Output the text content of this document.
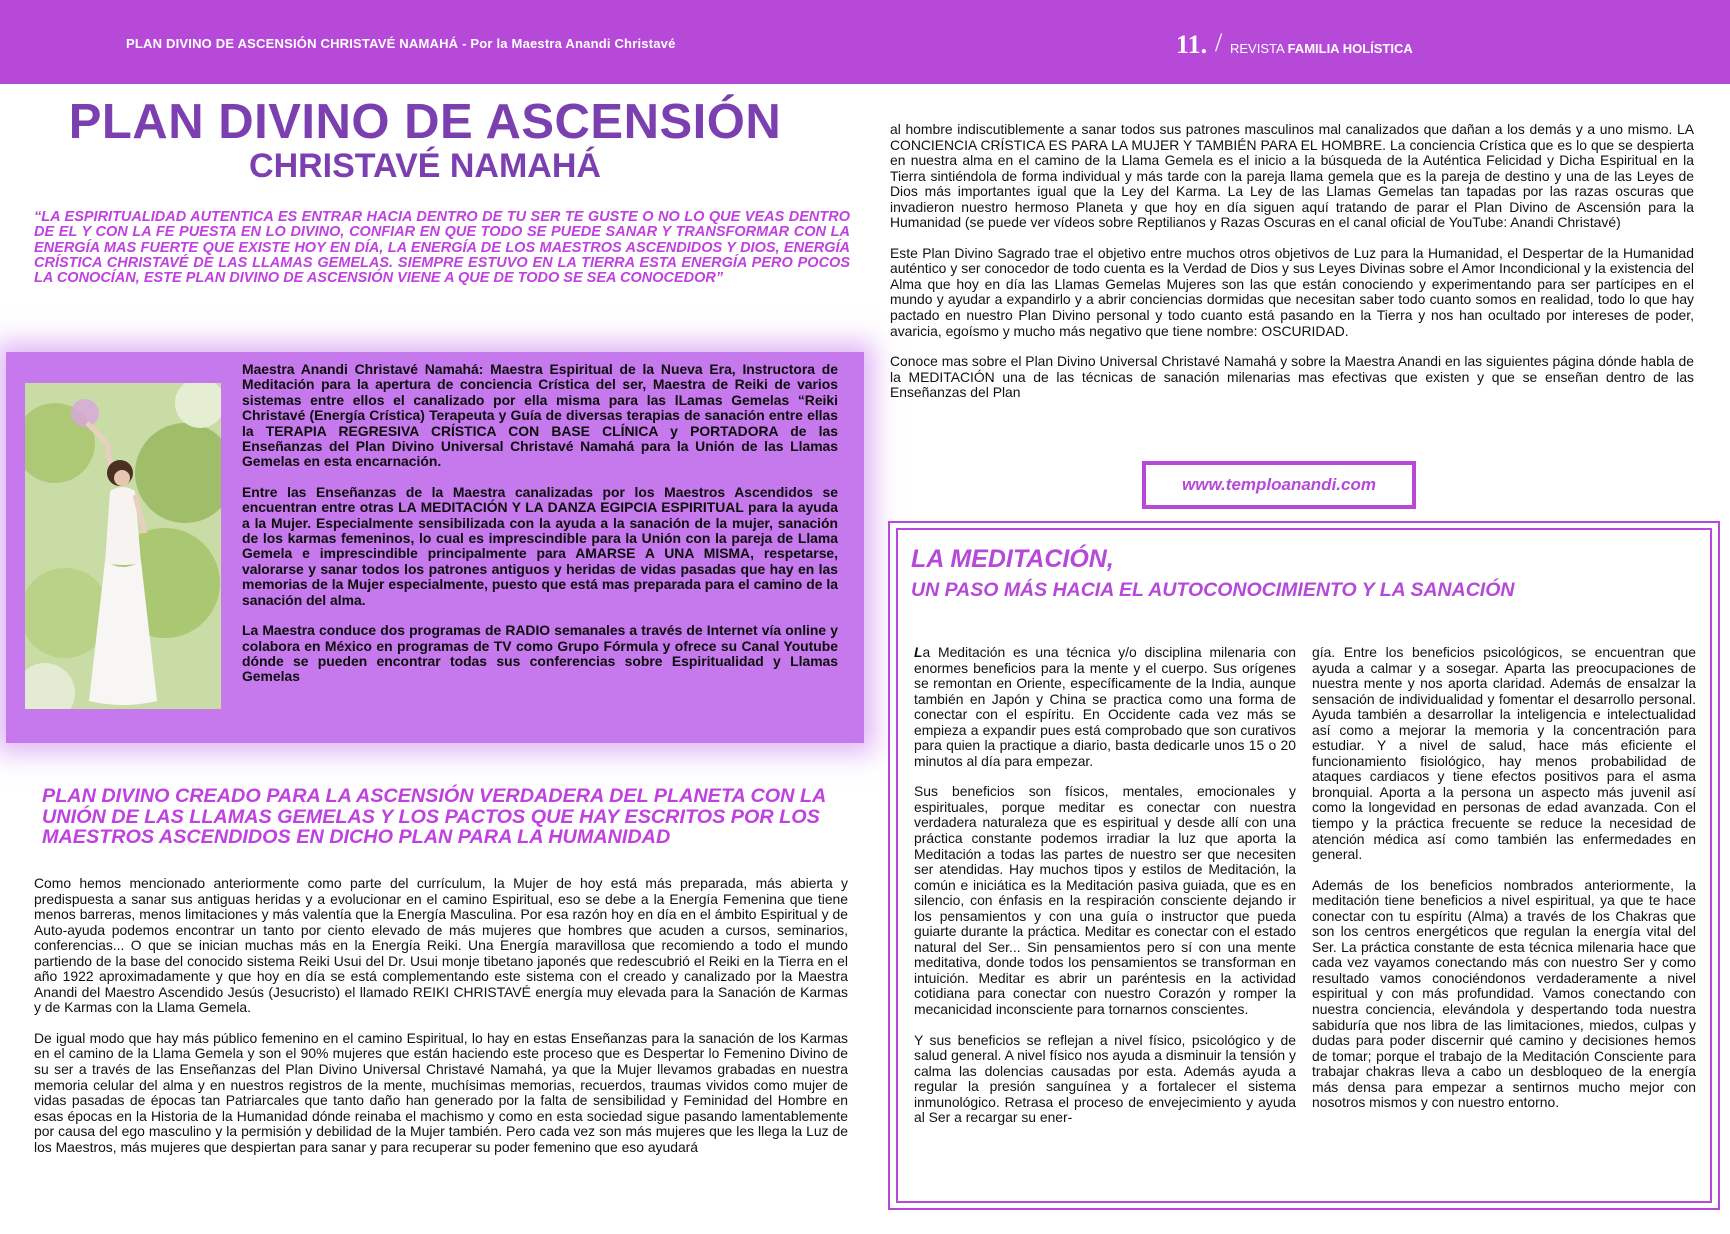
PLAN DIVINO DE ASCENSIÓN CHRISTAVÉ NAMAHÁ - Por la Maestra Anandi Christavé	11. / REVISTA FAMILIA HOLÍSTICA
PLAN DIVINO DE ASCENSIÓN
CHRISTAVÉ NAMAHÁ

“LA ESPIRITUALIDAD AUTENTICA ES ENTRAR HACIA DENTRO DE TU SER TE GUSTE O NO LO QUE VEAS DENTRO DE EL Y CON LA FE PUESTA EN LO DIVINO, CONFIAR EN QUE TODO SE PUEDE SANAR Y TRANSFORMAR CON LA ENERGÍA MAS FUERTE QUE EXISTE HOY EN DÍA, LA ENERGÍA DE LOS MAESTROS ASCENDIDOS Y DIOS, ENERGÍA CRÍSTICA CHRISTAVÉ DE LAS LLAMAS GEMELAS. SIEMPRE ESTUVO EN LA TIERRA ESTA ENERGÍA PERO POCOS LA CONOCÍAN, ESTE PLAN DIVINO DE ASCENSIÓN VIENE A QUE DE TODO SE SEA CONOCEDOR”

Maestra Anandi Christavé Namahá: Maestra Espiritual de la Nueva Era, Instructora de Meditación para la apertura de conciencia Crística del ser, Maestra de Reiki de varios sistemas entre ellos el canalizado por ella misma para las lLamas Gemelas “Reiki Christavé (Energía Crística) Terapeuta y Guía de diversas terapias de sanación entre ellas la TERAPIA REGRESIVA CRÍSTICA CON BASE CLÍNICA y PORTADORA de las Enseñanzas del Plan Divino Universal Christavé Namahá para la Unión de las Llamas Gemelas en esta encarnación.

Entre las Enseñanzas de la Maestra canalizadas por los Maestros Ascendidos se encuentran entre otras LA MEDITACIÓN Y LA DANZA EGIPCIA ESPIRITUAL para la ayuda a la Mujer. Especialmente sensibilizada con la ayuda a la sanación de la mujer, sanación de los karmas femeninos, lo cual es imprescindible para la Unión con la pareja de Llama Gemela e imprescindible principalmente para AMARSE A UNA MISMA, respetarse, valorarse y sanar todos los patrones antiguos y heridas de vidas pasadas que hay en las memorias de la Mujer especialmente, puesto que está mas preparada para el camino de la sanación del alma.

La Maestra conduce dos programas de RADIO semanales a través de Internet vía online y colabora en México en programas de TV como Grupo Fórmula y ofrece su Canal Youtube dónde se pueden encontrar todas sus conferencias sobre Espiritualidad y Llamas Gemelas

PLAN DIVINO CREADO PARA LA ASCENSIÓN VERDADERA DEL PLANETA CON LA UNIÓN DE LAS LLAMAS GEMELAS Y LOS PACTOS QUE HAY ESCRITOS POR LOS MAESTROS ASCENDIDOS EN DICHO PLAN PARA LA HUMANIDAD

Como hemos mencionado anteriormente como parte del currículum, la Mujer de hoy está más preparada, más abierta y predispuesta a sanar sus antiguas heridas y a evolucionar en el camino Espiritual, eso se debe a la Energía Femenina que tiene menos barreras, menos limitaciones y más valentía que la Energía Masculina. Por esa razón hoy en día en el ámbito Espiritual y de Auto-ayuda podemos encontrar un tanto por ciento elevado de más mujeres que hombres que acuden a cursos, seminarios, conferencias... O que se inician muchas más en la Energía Reiki. Una Energía maravillosa que recomiendo a todo el mundo partiendo de la base del conocido sistema Reiki Usui del Dr. Usui monje tibetano japonés que redescubrió el Reiki en la Tierra en el año 1922 aproximadamente y que hoy en día se está complementando este sistema con el creado y canalizado por la Maestra Anandi del Maestro Ascendido Jesús (Jesucristo) el llamado REIKI CHRISTAVÉ energía muy elevada para la Sanación de Karmas y de Karmas con la Llama Gemela.

De igual modo que hay más público femenino en el camino Espiritual, lo hay en estas Enseñanzas para la sanación de los Karmas en el camino de la Llama Gemela y son el 90% mujeres que están haciendo este proceso que es Despertar lo Femenino Divino de su ser a través de las Enseñanzas del Plan Divino Universal Christavé Namahá, ya que la Mujer llevamos grabadas en nuestra memoria celular del alma y en nuestros registros de la mente, muchísimas memorias, recuerdos, traumas vividos como mujer de vidas pasadas de épocas tan Patriarcales que tanto daño han generado por la falta de sensibilidad y Feminidad del Hombre en esas épocas en la Historia de la Humanidad dónde reinaba el machismo y como en esta sociedad sigue pasando lamentablemente por causa del ego masculino y la permisión y debilidad de la Mujer también. Pero cada vez son más mujeres que les llega la Luz de los Maestros, más mujeres que despiertan para sanar y para recuperar su poder femenino que eso ayudará

al hombre indiscutiblemente a sanar todos sus patrones masculinos mal canalizados que dañan a los demás y a uno mismo. LA CONCIENCIA CRÍSTICA ES PARA LA MUJER Y TAMBIÉN PARA EL HOMBRE. La conciencia Crística que es lo que se despierta en nuestra alma en el camino de la Llama Gemela es el inicio a la búsqueda de la Auténtica Felicidad y Dicha Espiritual en la Tierra sintiéndola de forma individual y más tarde con la pareja llama gemela que es la pareja de destino y una de las Leyes de Dios más importantes igual que la Ley del Karma. La Ley de las Llamas Gemelas tan tapadas por las razas oscuras que invadieron nuestro hermoso Planeta y que hoy en día siguen aquí tratando de parar el Plan Divino de Ascensión para la Humanidad (se puede ver vídeos sobre Reptilianos y Razas Oscuras en el canal oficial de YouTube: Anandi Christavé)

Este Plan Divino Sagrado trae el objetivo entre muchos otros objetivos de Luz para la Humanidad, el Despertar de la Humanidad auténtico y ser conocedor de todo cuenta es la Verdad de Dios y sus Leyes Divinas sobre el Amor Incondicional y la existencia del Alma que hoy en día las Llamas Gemelas Mujeres son las que están conociendo y experimentando para ser partícipes en el mundo y ayudar a expandirlo y a abrir conciencias dormidas que necesitan saber todo cuanto somos en realidad, todo lo que hay pactado en nuestro Plan Divino personal y todo cuanto está pasando en la Tierra y nos han ocultado por intereses de poder, avaricia, egoísmo y mucho más negativo que tiene nombre: OSCURIDAD.

Conoce mas sobre el Plan Divino Universal Christavé Namahá y sobre la Maestra Anandi en las siguientes página dónde habla de la MEDITACIÓN una de las técnicas de sanación milenarias mas efectivas que existen y que se enseñan dentro de las Enseñanzas del Plan

www.temploanandi.com
LA MEDITACIÓN,
UN PASO MÁS HACIA EL AUTOCONOCIMIENTO Y LA SANACIÓN

La Meditación es una técnica y/o disciplina milenaria con enormes beneficios para la mente y el cuerpo. Sus orígenes se remontan en Oriente, específicamente de la India, aunque también en Japón y China se practica como una forma de conectar con el espíritu. En Occidente cada vez más se empieza a expandir pues está comprobado que son curativos para quien la practique a diario, basta dedicarle unos 15 o 20 minutos al día para empezar.

Sus beneficios son físicos, mentales, emocionales y espirituales, porque meditar es conectar con nuestra verdadera naturaleza que es espiritual y desde allí con una práctica constante podemos irradiar la luz que aporta la Meditación a todas las partes de nuestro ser que necesiten ser atendidas. Hay muchos tipos y estilos de Meditación, la común e iniciática es la Meditación pasiva guiada, que es en silencio, con énfasis en la respiración consciente dejando ir los pensamientos y con una guía o instructor que pueda guiarte durante la práctica. Meditar es conectar con el estado natural del Ser... Sin pensamientos pero sí con una mente meditativa, donde todos los pensamientos se transforman en intuición. Meditar es abrir un paréntesis en la actividad cotidiana para conectar con nuestro Corazón y romper la mecanicidad inconsciente para tornarnos conscientes.

Y sus beneficios se reflejan a nivel físico, psicológico y de salud general. A nivel físico nos ayuda a disminuir la tensión y calma las dolencias causadas por esta. Además ayuda a regular la presión sanguínea y a fortalecer el sistema inmunológico. Retrasa el proceso de envejecimiento y ayuda al Ser a recargar su ener-

gía. Entre los beneficios psicológicos, se encuentran que ayuda a calmar y a sosegar. Aparta las preocupaciones de nuestra mente y nos aporta claridad. Además de ensalzar la sensación de individualidad y fomentar el desarrollo personal. Ayuda también a desarrollar la inteligencia e intelectualidad así como a mejorar la memoria y la concentración para estudiar. Y a nivel de salud, hace más eficiente el funcionamiento fisiológico, hay menos probabilidad de ataques cardiacos y tiene efectos positivos para el asma bronquial. Aporta a la persona un aspecto más juvenil así como la longevidad en personas de edad avanzada. Con el tiempo y la práctica frecuente se reduce la necesidad de atención médica así como también las enfermedades en general.

Además de los beneficios nombrados anteriormente, la meditación tiene beneficios a nivel espiritual, ya que te hace conectar con tu espíritu (Alma) a través de los Chakras que son los centros energéticos que regulan la energía vital del Ser. La práctica constante de esta técnica milenaria hace que cada vez vayamos conectando más con nuestro Ser y como resultado vamos conociéndonos verdaderamente a nivel espiritual y con más profundidad. Vamos conectando con nuestra conciencia, elevándola y despertando toda nuestra sabiduría que nos libra de las limitaciones, miedos, culpas y dudas para poder discernir qué camino y decisiones hemos de tomar; porque el trabajo de la Meditación Consciente para trabajar chakras lleva a cabo un desbloqueo de la energía más densa para empezar a sentirnos mucho mejor con nosotros mismos y con nuestro entorno.
